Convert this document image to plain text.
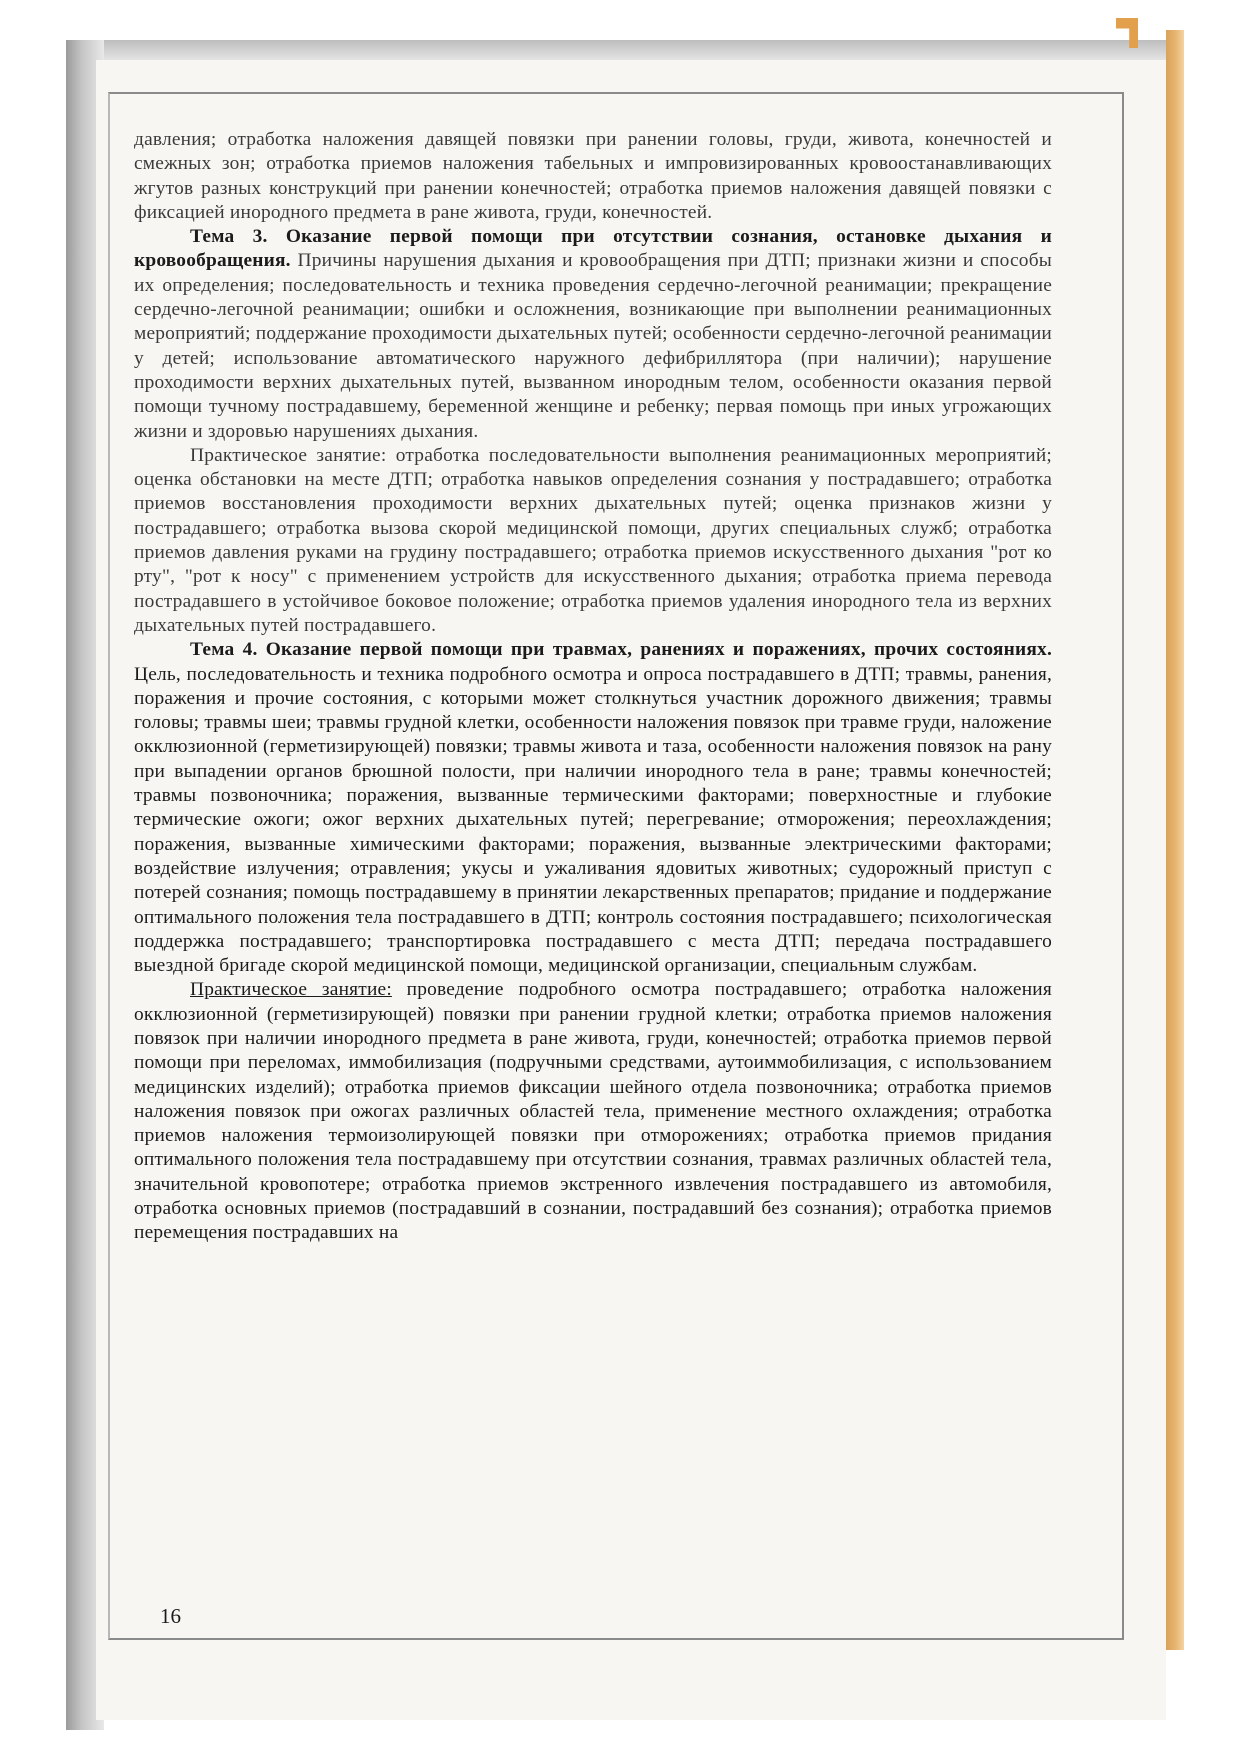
давления; отработка наложения давящей повязки при ранении головы, груди, живота, конечностей и смежных зон; отработка приемов наложения табельных и импровизированных кровоостанавливающих жгутов разных конструкций при ранении конечностей; отработка приемов наложения давящей повязки с фиксацией инородного предмета в ране живота, груди, конечностей.

Тема 3. Оказание первой помощи при отсутствии сознания, остановке дыхания и кровообращения. Причины нарушения дыхания и кровообращения при ДТП; признаки жизни и способы их определения; последовательность и техника проведения сердечно-легочной реанимации; прекращение сердечно-легочной реанимации; ошибки и осложнения, возникающие при выполнении реанимационных мероприятий; поддержание проходимости дыхательных путей; особенности сердечно-легочной реанимации у детей; использование автоматического наружного дефибриллятора (при наличии); нарушение проходимости верхних дыхательных путей, вызванном инородным телом, особенности оказания первой помощи тучному пострадавшему, беременной женщине и ребенку; первая помощь при иных угрожающих жизни и здоровью нарушениях дыхания.

Практическое занятие: отработка последовательности выполнения реанимационных мероприятий; оценка обстановки на месте ДТП; отработка навыков определения сознания у пострадавшего; отработка приемов восстановления проходимости верхних дыхательных путей; оценка признаков жизни у пострадавшего; отработка вызова скорой медицинской помощи, других специальных служб; отработка приемов давления руками на грудину пострадавшего; отработка приемов искусственного дыхания "рот ко рту", "рот к носу" с применением устройств для искусственного дыхания; отработка приема перевода пострадавшего в устойчивое боковое положение; отработка приемов удаления инородного тела из верхних дыхательных путей пострадавшего.

Тема 4. Оказание первой помощи при травмах, ранениях и поражениях, прочих состояниях. Цель, последовательность и техника подробного осмотра и опроса пострадавшего в ДТП; травмы, ранения, поражения и прочие состояния, с которыми может столкнуться участник дорожного движения; травмы головы; травмы шеи; травмы грудной клетки, особенности наложения повязок при травме груди, наложение окклюзионной (герметизирующей) повязки; травмы живота и таза, особенности наложения повязок на рану при выпадении органов брюшной полости, при наличии инородного тела в ране; травмы конечностей; травмы позвоночника; поражения, вызванные термическими факторами; поверхностные и глубокие термические ожоги; ожог верхних дыхательных путей; перегревание; отморожения; переохлаждения; поражения, вызванные химическими факторами; поражения, вызванные электрическими факторами; воздействие излучения; отравления; укусы и ужаливания ядовитых животных; судорожный приступ с потерей сознания; помощь пострадавшему в принятии лекарственных препаратов; придание и поддержание оптимального положения тела пострадавшего в ДТП; контроль состояния пострадавшего; психологическая поддержка пострадавшего; транспортировка пострадавшего с места ДТП; передача пострадавшего выездной бригаде скорой медицинской помощи, медицинской организации, специальным службам.

Практическое занятие: проведение подробного осмотра пострадавшего; отработка наложения окклюзионной (герметизирующей) повязки при ранении грудной клетки; отработка приемов наложения повязок при наличии инородного предмета в ране живота, груди, конечностей; отработка приемов первой помощи при переломах, иммобилизация (подручными средствами, аутоиммобилизация, с использованием медицинских изделий); отработка приемов фиксации шейного отдела позвоночника; отработка приемов наложения повязок при ожогах различных областей тела, применение местного охлаждения; отработка приемов наложения термоизолирующей повязки при отморожениях; отработка приемов придания оптимального положения тела пострадавшему при отсутствии сознания, травмах различных областей тела, значительной кровопотере; отработка приемов экстренного извлечения пострадавшего из автомобиля, отработка основных приемов (пострадавший в сознании, пострадавший без сознания); отработка приемов перемещения пострадавших на

16
